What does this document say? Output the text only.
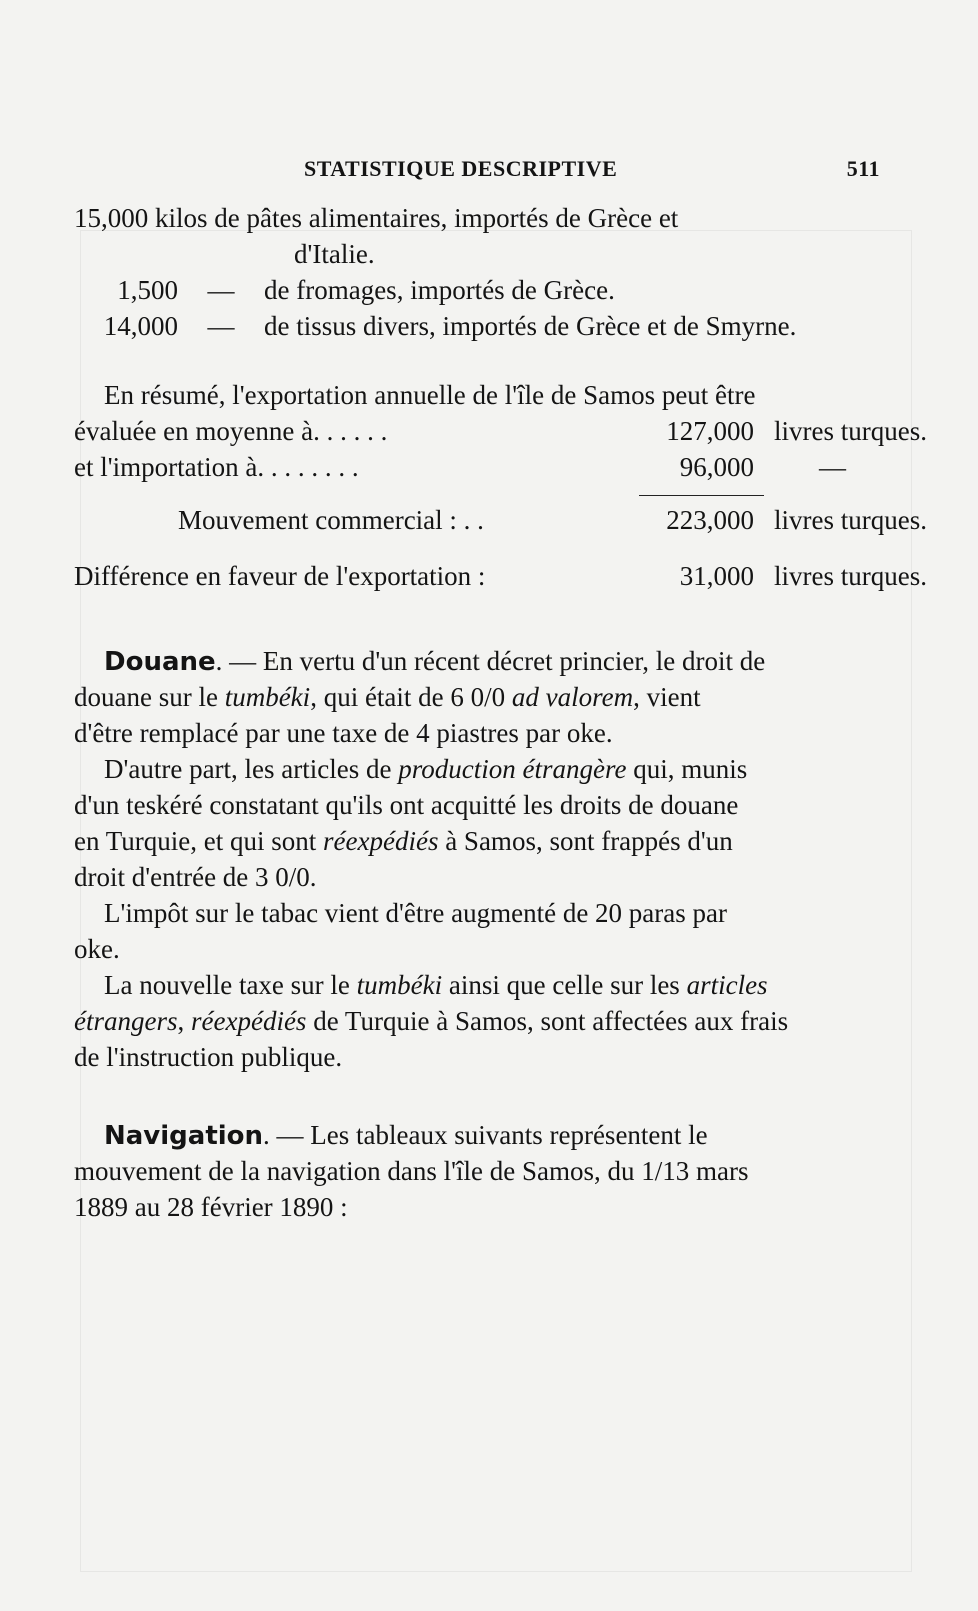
STATISTIQUE DESCRIPTIVE	511
15,000 kilos de pâtes alimentaires, importés de Grèce et
d'Italie.
1,500 — de fromages, importés de Grèce.
14,000 — de tissus divers, importés de Grèce et de Smyrne.
En résumé, l'exportation annuelle de l'île de Samos peut être
évaluée en moyenne à. . . . . .	127,000 livres turques.
et l'importation à. . . . . . . .	96,000 —
Mouvement commercial : . .	223,000 livres turques.
Différence en faveur de l'exportation :	31,000 livres turques.
Douane. — En vertu d'un récent décret princier, le droit de
douane sur le tumbéki, qui était de 6 0/0 ad valorem, vient
d'être remplacé par une taxe de 4 piastres par oke.
D'autre part, les articles de production étrangère qui, munis
d'un teskéré constatant qu'ils ont acquitté les droits de douane
en Turquie, et qui sont réexpédiés à Samos, sont frappés d'un
droit d'entrée de 3 0/0.
L'impôt sur le tabac vient d'être augmenté de 20 paras par
oke.
La nouvelle taxe sur le tumbéki ainsi que celle sur les articles
étrangers, réexpédiés de Turquie à Samos, sont affectées aux frais
de l'instruction publique.
Navigation. — Les tableaux suivants représentent le
mouvement de la navigation dans l'île de Samos, du 1/13 mars
1889 au 28 février 1890 :
